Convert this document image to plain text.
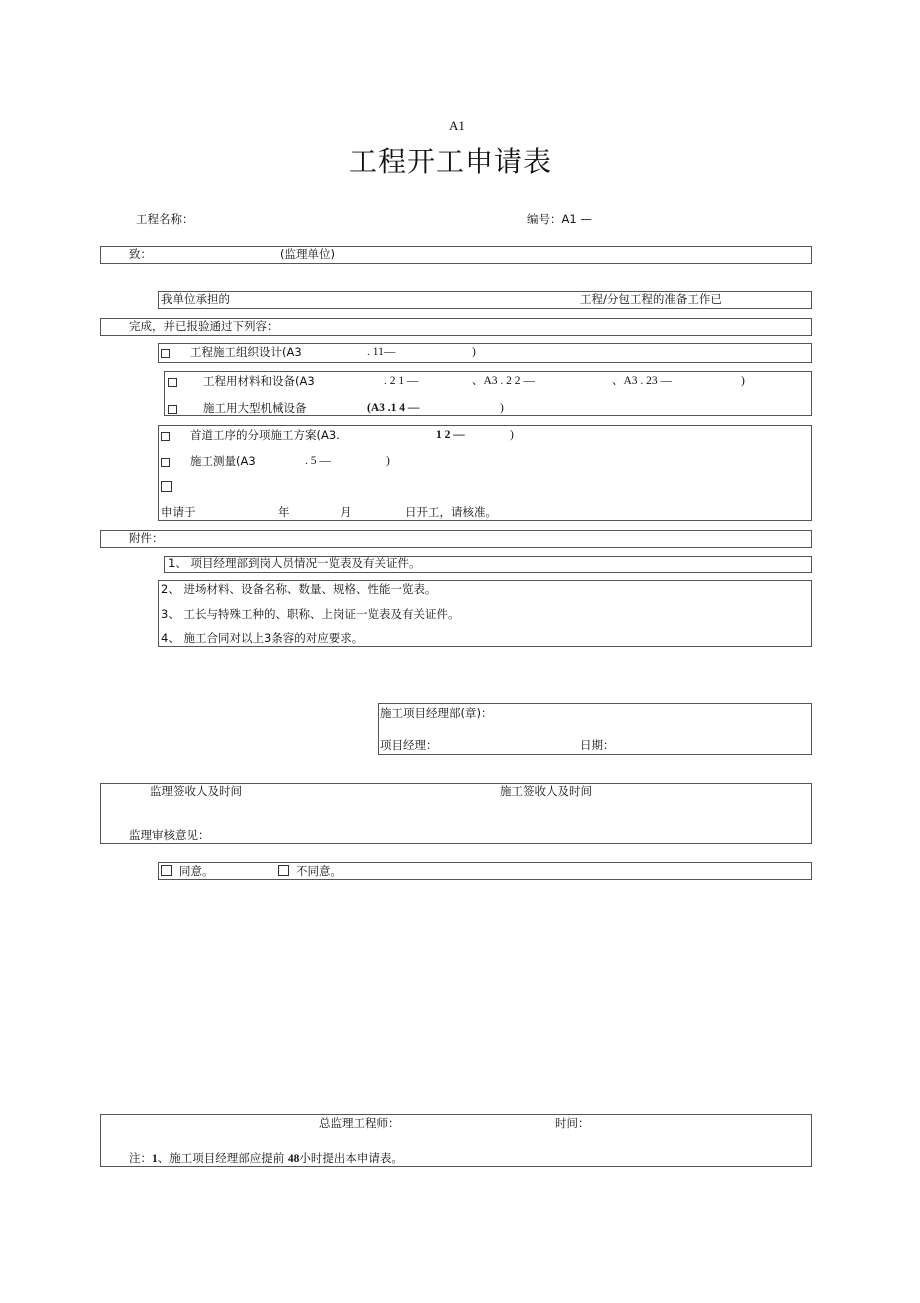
A1
工程开工申请表
工程名称：	编号：A1 —
致：	(监理单位)
我单位承担的	工程/分包工程的准备工作已
完成，并已报验通过下列容：
工程施工组织设计(A3	. 11—	)
工程用材料和设备(A3	. 2 1 —	、A3 . 2 2 —	、A3 . 23 —	)
施工用大型机械设备	(A3 .1 4 —	)
首道工序的分项施工方案(A3.	1 2 —	)
施工测量(A3	. 5 —	)
申请于	年	月	日开工，请核准。
附件：
1、 项目经理部到岗人员情况一览表及有关证件。
2、 进场材料、设备名称、数量、规格、性能一览表。
3、 工长与特殊工种的、职称、上岗证一览表及有关证件。
4、 施工合同对以上3条容的对应要求。
施工项目经理部(章)：
项目经理：	日期：
监理签收人及时间	施工签收人及时间
监理审核意见：
同意。	不同意。
总监理工程师：	时间：
注：1、施工项目经理部应提前 48小时提出本申请表。
